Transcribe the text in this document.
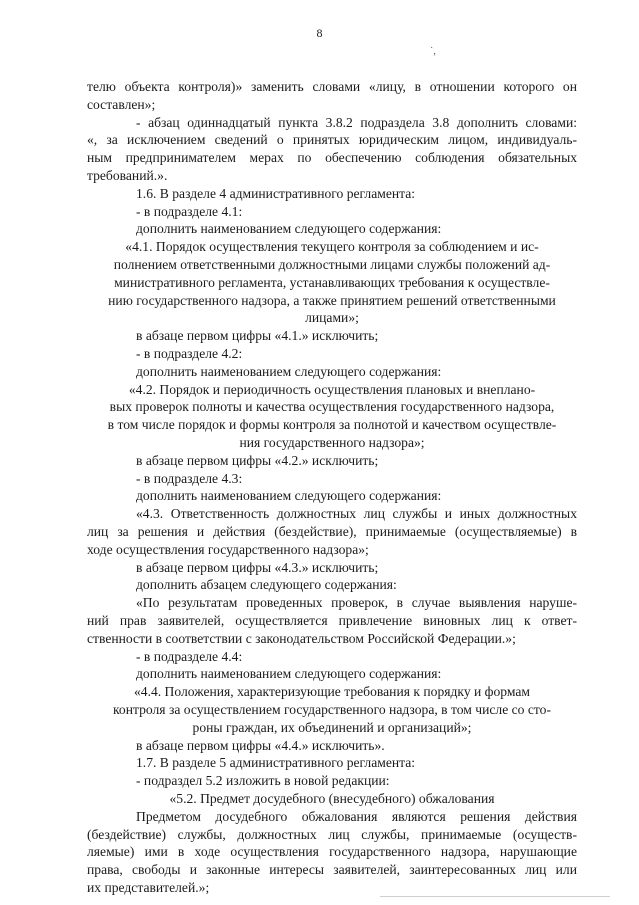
8
˙,
телю объекта контроля)» заменить словами «лицу, в отношении которого он
составлен»;
- абзац одиннадцатый пункта 3.8.2 подраздела 3.8 дополнить словами:
«, за исключением сведений о принятых юридическим лицом, индивидуаль-
ным предпринимателем мерах по обеспечению соблюдения обязательных
требований.».
1.6. В разделе 4 административного регламента:
- в подразделе 4.1:
дополнить наименованием следующего содержания:
«4.1. Порядок осуществления текущего контроля за соблюдением и ис-
полнением ответственными должностными лицами службы положений ад-
министративного регламента, устанавливающих требования к осуществле-
нию государственного надзора, а также принятием решений ответственными
лицами»;
в абзаце первом цифры «4.1.» исключить;
- в подразделе 4.2:
дополнить наименованием следующего содержания:
«4.2. Порядок и периодичность осуществления плановых и внеплано-
вых проверок полноты и качества осуществления государственного надзора,
в том числе порядок и формы контроля за полнотой и качеством осуществле-
ния государственного надзора»;
в абзаце первом цифры «4.2.» исключить;
- в подразделе 4.3:
дополнить наименованием следующего содержания:
«4.3. Ответственность должностных лиц службы и иных должностных
лиц за решения и действия (бездействие), принимаемые (осуществляемые) в
ходе осуществления государственного надзора»;
в абзаце первом цифры «4.3.» исключить;
дополнить абзацем следующего содержания:
«По результатам проведенных проверок, в случае выявления наруше-
ний прав заявителей, осуществляется привлечение виновных лиц к ответ-
ственности в соответствии с законодательством Российской Федерации.»;
- в подразделе 4.4:
дополнить наименованием следующего содержания:
«4.4. Положения, характеризующие требования к порядку и формам
контроля за осуществлением государственного надзора, в том числе со сто-
роны граждан, их объединений и организаций»;
в абзаце первом цифры «4.4.» исключить».
1.7. В разделе 5 административного регламента:
- подраздел 5.2 изложить в новой редакции:
«5.2. Предмет досудебного (внесудебного) обжалования
Предметом досудебного обжалования являются решения действия
(бездействие) службы, должностных лиц службы, принимаемые (осуществ-
ляемые) ими в ходе осуществления государственного надзора, нарушающие
права, свободы и законные интересы заявителей, заинтересованных лиц или
их представителей.»;
